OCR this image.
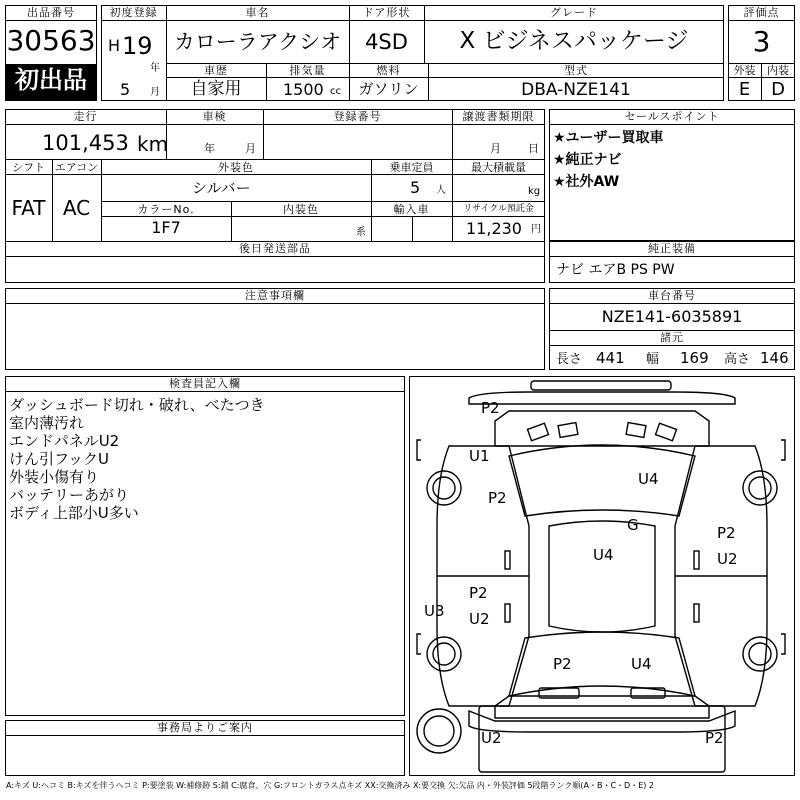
出品番号
30563
初出品
初度登録
H 19
年
5 月
車名
カローラアクシオ
ドア形状
4SD
グレード
X ビジネスパッケージ
車歴
自家用
排気量
1500 cc
燃料
ガソリン
型式
DBA-NZE141
評価点
3
外装	内装
E	D
走行
101,453 km
車検
年	月
登録番号	譲渡書類期限
月 日
シフト
FAT
エアコン
AC
外装色
シルバー
乗車定員
5 人
最大積載量
kg
カラーNo.
1F7
内装色
系
輸入車	リサイクル預託金
11,230 円
後日発送部品
セールスポイント
★ユーザー買取車
★純正ナビ
★社外AW
純正装備
ナビ エアB PS PW
注意事項欄	車台番号
NZE141-6035891
諸元
長さ 441 幅 169 高さ 146
検査員記入欄
ダッシュボード切れ・破れ、べたつき
室内薄汚れ
エンドパネルU2
けん引フックU
外装小傷有り
バッテリーあがり
ボディ上部小U多い
事務局よりご案内
P2
U1
P2
U4
G
U4
P2
U2
P2
U2
U3
P2	U4
U2	P2
A:キズ U:ヘコミ B:キズを伴うヘコミ P:要塗装 W:補修跡 S:錆 C:腐食、穴 G:フロントガラス点キズ XX:交換済み X:要交換 欠:欠品 内・外装評価 5段階ランク順(A・B・C・D・E) 2
